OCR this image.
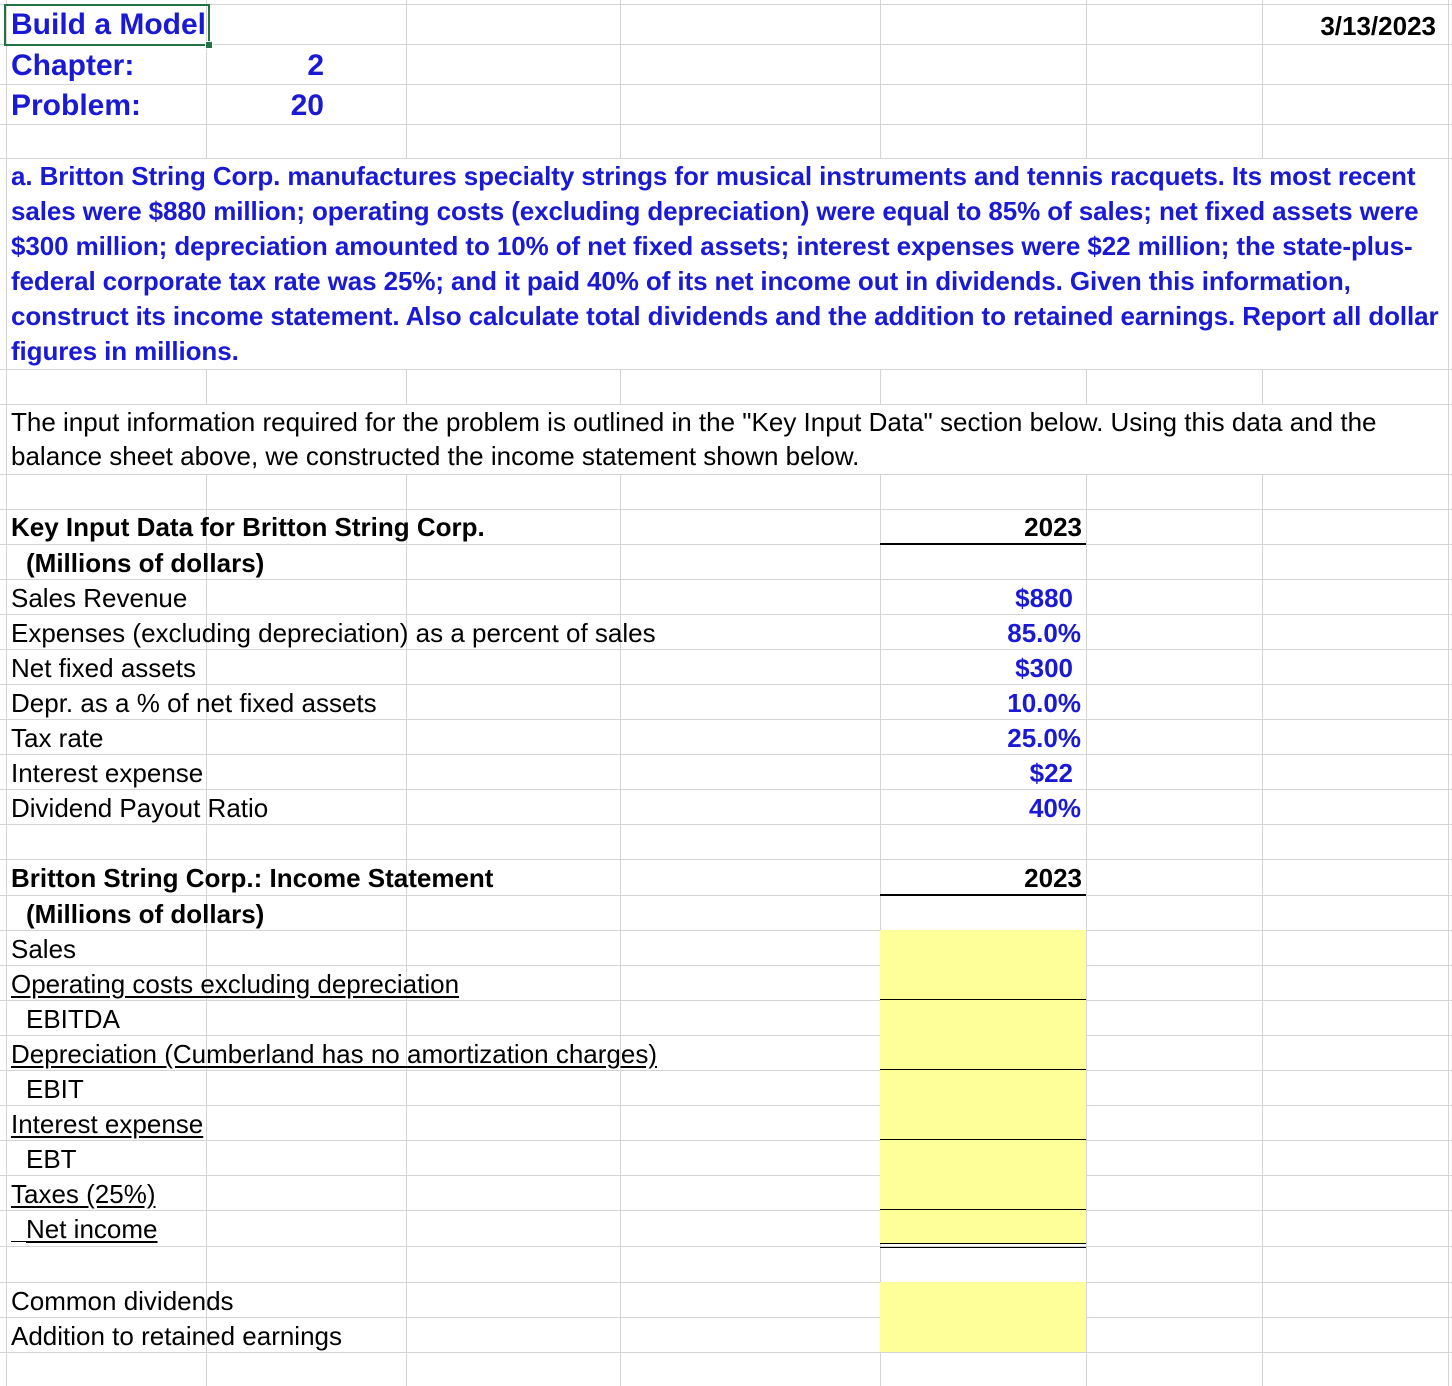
Build a Model	3/13/2023
Chapter:	2
Problem:	20
a. Britton String Corp. manufactures specialty strings for musical instruments and tennis racquets. Its most recent sales were $880 million; operating costs (excluding depreciation) were equal to 85% of sales; net fixed assets were $300 million; depreciation amounted to 10% of net fixed assets; interest expenses were $22 million; the state-plus-federal corporate tax rate was 25%; and it paid 40% of its net income out in dividends. Given this information, construct its income statement. Also calculate total dividends and the addition to retained earnings. Report all dollar figures in millions.
The input information required for the problem is outlined in the "Key Input Data" section below. Using this data and the balance sheet above, we constructed the income statement shown below.
Key Input Data for Britton String Corp.	2023
(Millions of dollars)
Sales Revenue	$880
Expenses (excluding depreciation) as a percent of sales	85.0%
Net fixed assets	$300
Depr. as a % of net fixed assets	10.0%
Tax rate	25.0%
Interest expense	$22
Dividend Payout Ratio	40%
Britton String Corp.: Income Statement	2023
(Millions of dollars)
Sales
Operating costs excluding depreciation
EBITDA
Depreciation (Cumberland has no amortization charges)
EBIT
Interest expense
EBT
Taxes (25%)
Net income
Common dividends
Addition to retained earnings
